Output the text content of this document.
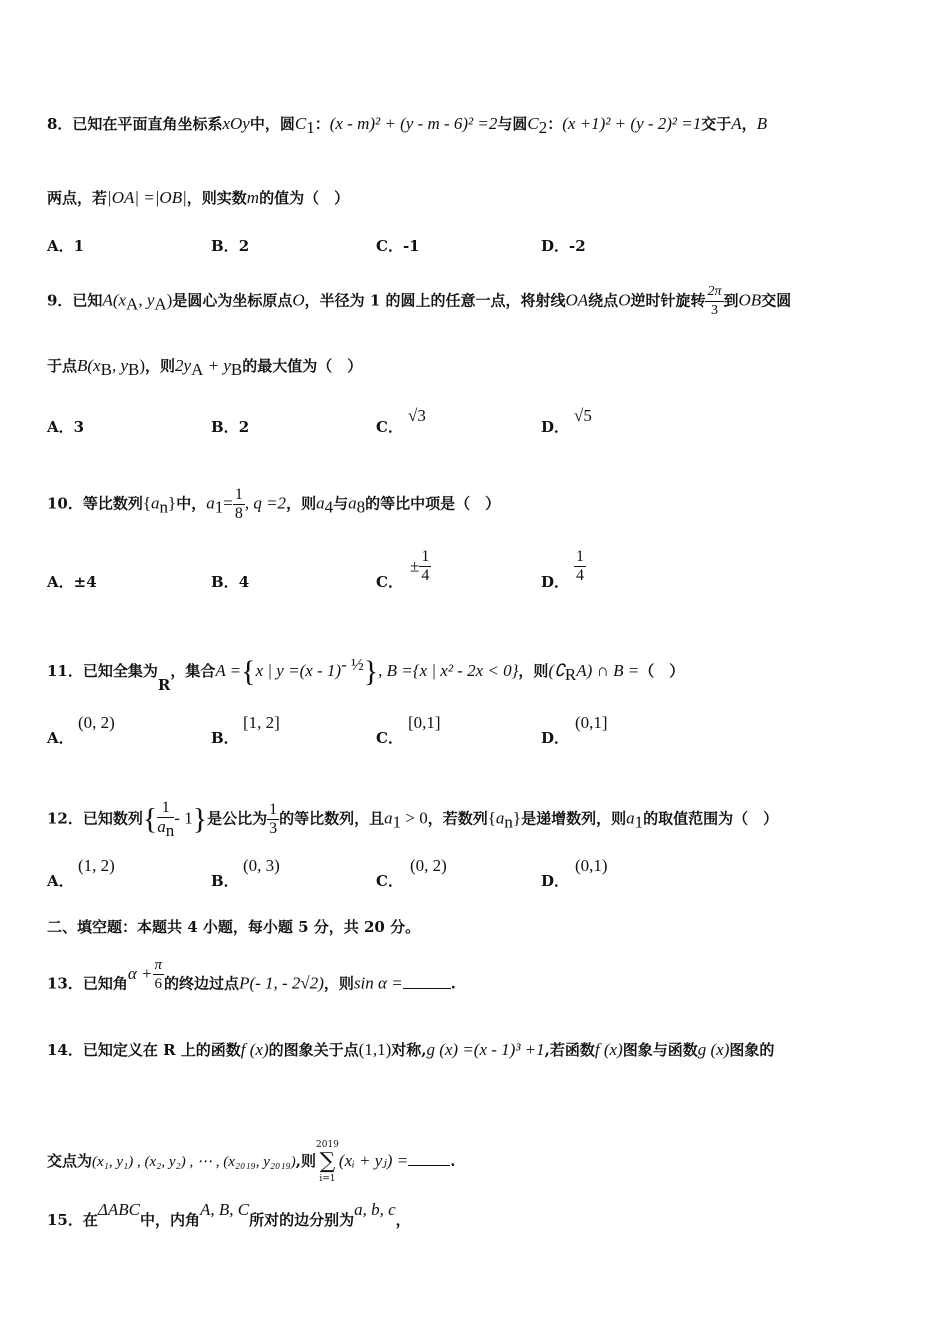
8．已知在平面直角坐标系xOy中，圆$C_1$：(x - m)² + (y - m - 6)² =2与圆$C_2$：(x +1)² + (y - 2)² =1交于A，B
两点，若|OA| =|OB|，则实数m的值为（　）
A．1	B．2	C．-1	D．-2
9．已知$A(x_A$, $y_A$)是圆心为坐标原点O，半径为 1 的圆上的任意一点，将射线OA绕点O逆时针旋转 $\frac{2\pi}{3}$ 到OB交圆
于点$B(x_B$, $y_B$)，则$2y_A + y_B$的最大值为（　）
A．3	B．2	C．
√3
D．
√5
10．等比数列$\{a_n\}$中，$a_1= \frac{1}{8}$ , q =2，则$a_4$与$a_8$的等比中项是（　）
A．±4	B．4	C．
± $\frac{1}{4}$	D． $\frac{1}{4}$
11．已知全集为R，集合A ={x | y =(x - 1)$^{- \frac{1}{2}}$}, B ={x | x² - 2x < 0}，则$(∁_RA)$ ∩ B =（　）
A．
(0, 2)
B．
[1, 2]
C．
[0,1]
D．
(0,1]
12．已知数列{ $\frac{1}{a_n} - 1$}是公比为 $\frac{1}{3}$ 的等比数列，且$a_1 > 0$，若数列$\{a_n\}$是递增数列，则$a_1$的取值范围为（　）
A．
(1, 2)
B．
(0, 3)
C．
(0, 2)
D．
(0,1)
二、填空题：本题共 4 小题，每小题 5 分，共 20 分。
13．已知角$\alpha + \frac{\pi}{6}$ 的终边过点P(- 1, - 2√2)，则sin α =	.
14．已知定义在 R 上的函数f (x)的图象关于点(1,1)对称,g (x) =(x - 1)³ +1,若函数f (x)图象与函数g (x)图象的
交点为(x₁, y₁) , (x₂, y₂) , ⋯ , (x₂₀₁₉, y₂₀₁₉),则
2019
∑
i=1
(xᵢ + yⱼ) =	.
15．在ΔABC中，内角A, B, C所对的边分别为a, b, c，
